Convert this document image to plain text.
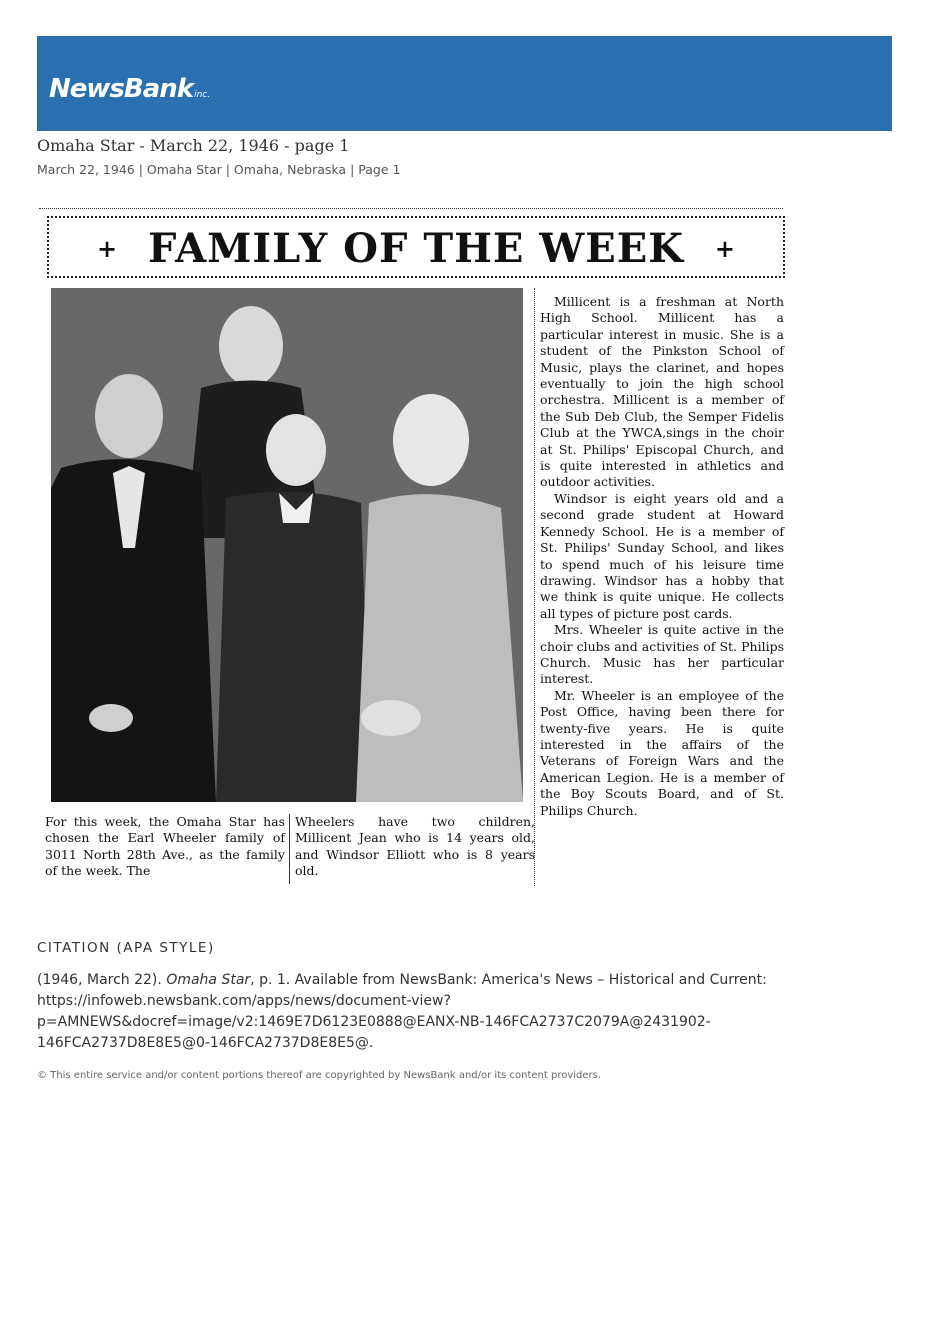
NewsBankinc.
Omaha Star - March 22, 1946 - page 1
March 22, 1946 | Omaha Star | Omaha, Nebraska | Page 1
+ FAMILY OF THE WEEK	+

Millicent is a freshman at North High School. Millicent has a particular interest in music. She is a student of the Pinkston School of Music, plays the clarinet, and hopes eventually to join the high school orchestra. Millicent is a member of the Sub Deb Club, the Semper Fidelis Club at the YWCA,sings in the choir at St. Philips' Episcopal Church, and is quite interested in athletics and outdoor activities.

Windsor is eight years old and a second grade student at Howard Kennedy School. He is a member of St. Philips' Sunday School, and likes to spend much of his leisure time drawing. Windsor has a hobby that we think is quite unique. He collects all types of picture post cards.

Mrs. Wheeler is quite active in the choir clubs and activities of St. Philips Church. Music has her particular interest.

Mr. Wheeler is an employee of the Post Office, having been there for twenty-five years. He is quite interested in the affairs of the Veterans of Foreign Wars and the American Legion. He is a member of the Boy Scouts Board, and of St. Philips Church.

For this week, the Omaha Star has chosen the Earl Wheeler family of 3011 North 28th Ave., as the family of the week. The
Wheelers have two children, Millicent Jean who is 14 years old, and Windsor Elliott who is 8 years old.
CITATION (APA STYLE)
(1946, March 22). Omaha Star, p. 1. Available from NewsBank: America's News – Historical and Current: https://infoweb.newsbank.com/apps/news/document-view?p=AMNEWS&docref=image/v2:1469E7D6123E0888@EANX-NB-146FCA2737C2079A@2431902-146FCA2737D8E8E5@0-146FCA2737D8E8E5@.
© This entire service and/or content portions thereof are copyrighted by NewsBank and/or its content providers.
